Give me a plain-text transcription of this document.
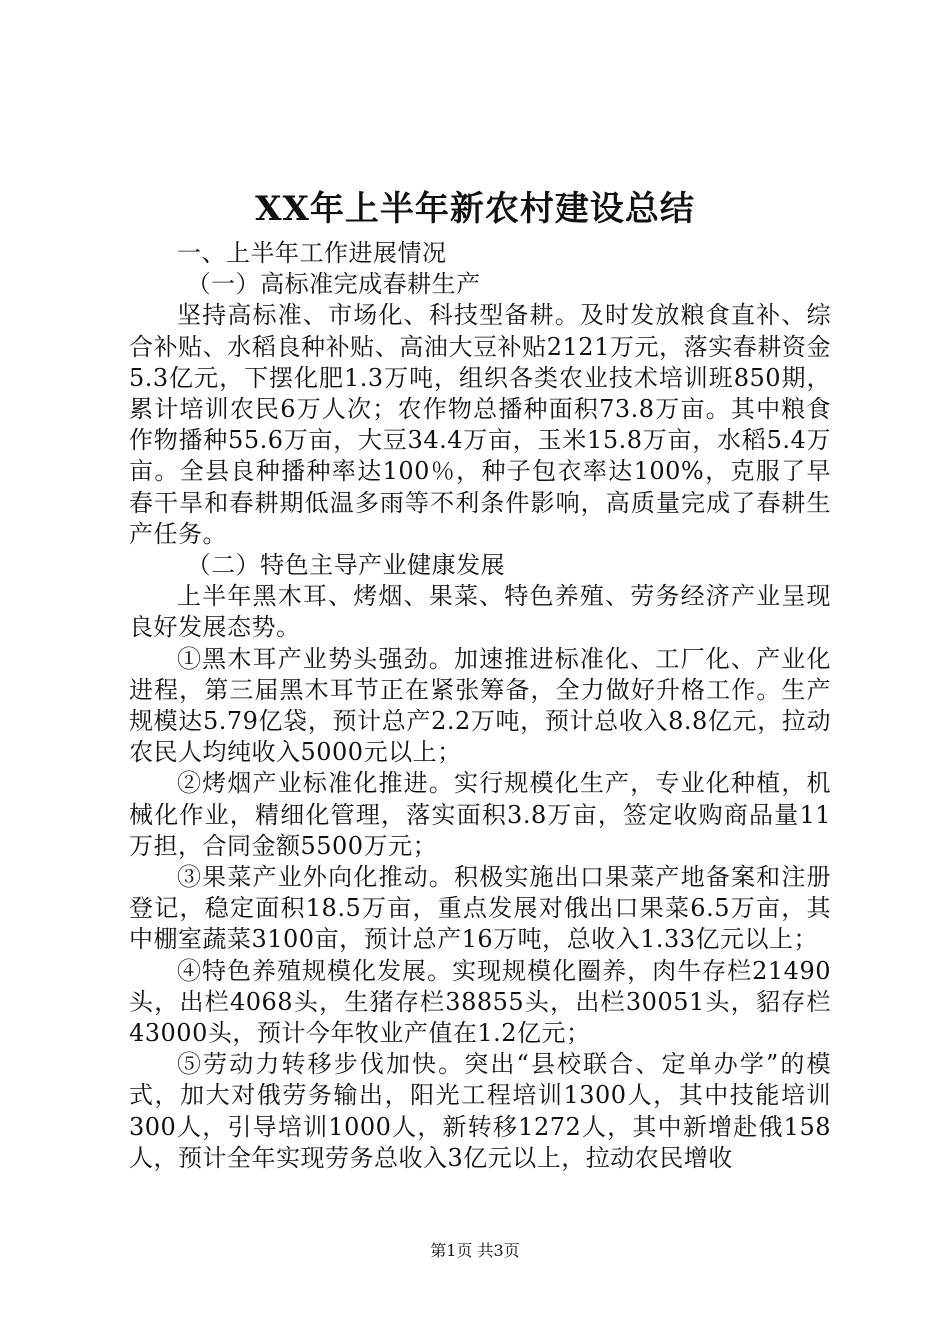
XX年上半年新农村建设总结

一、上半年工作进展情况

（一）高标准完成春耕生产

坚持高标准、市场化、科技型备耕。及时发放粮食直补、综合补贴、水稻良种补贴、高油大豆补贴2121万元，落实春耕资金5.3亿元，下摆化肥1.3万吨，组织各类农业技术培训班850期，累计培训农民6万人次；农作物总播种面积73.8万亩。其中粮食作物播种55.6万亩，大豆34.4万亩，玉米15.8万亩，水稻5.4万亩。全县良种播种率达100％，种子包衣率达100%，克服了早春干旱和春耕期低温多雨等不利条件影响，高质量完成了春耕生产任务。

（二）特色主导产业健康发展

上半年黑木耳、烤烟、果菜、特色养殖、劳务经济产业呈现良好发展态势。

①黑木耳产业势头强劲。加速推进标准化、工厂化、产业化进程，第三届黑木耳节正在紧张筹备，全力做好升格工作。生产规模达5.79亿袋，预计总产2.2万吨，预计总收入8.8亿元，拉动农民人均纯收入5000元以上；

②烤烟产业标准化推进。实行规模化生产，专业化种植，机械化作业，精细化管理，落实面积3.8万亩，签定收购商品量11万担，合同金额5500万元；

③果菜产业外向化推动。积极实施出口果菜产地备案和注册登记，稳定面积18.5万亩，重点发展对俄出口果菜6.5万亩，其中棚室蔬菜3100亩，预计总产16万吨，总收入1.33亿元以上；

④特色养殖规模化发展。实现规模化圈养，肉牛存栏21490头，出栏4068头，生猪存栏38855头，出栏30051头，貂存栏43000头，预计今年牧业产值在1.2亿元；

⑤劳动力转移步伐加快。突出“县校联合、定单办学”的模式，加大对俄劳务输出，阳光工程培训1300人，其中技能培训300人，引导培训1000人，新转移1272人，其中新增赴俄158人，预计全年实现劳务总收入3亿元以上，拉动农民增收

第1页 共3页
